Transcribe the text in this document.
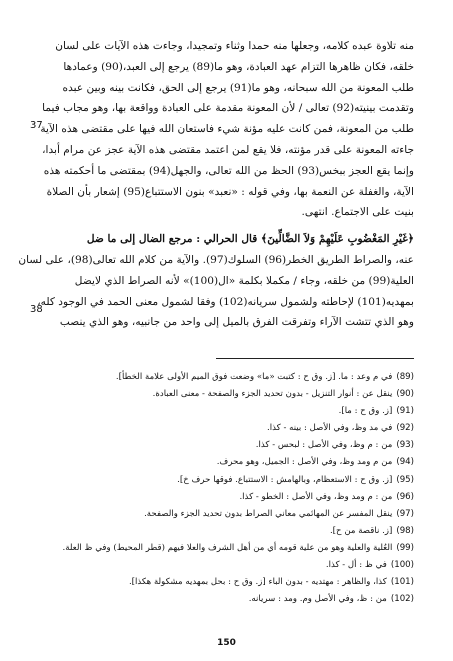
منه تلاوة عبده كلامه، وجعلها منه حمدا وثناء وتمجيدا، وجاءت هذه الآيات على لسان
خلقه، فكان ظاهرها التزام عهد العبادة، وهو ما(89) يرجع إلى العبد،(90) وعمادها
طلب المعونة من الله سبحانه، وهو ما(91) يرجع إلى الحق، فكانت بينه وبين عبده
وتقدمت بينيته(92) تعالى / لأن المعونة مقدمة على العبادة وواقعة بها، وهو مجاب فيما
طلب من المعونة، فمن كانت عليه مؤنة شيء فاستعان الله فيها على مقتضى هذه الآية
جاءته المعونة على قدر مؤنته، فلا يقع لمن اعتمد مقتضى هذه الآية عجز عن مرام أبدا،
وإنما يقع العجز ببخس(93) الحظ من الله تعالى، والجهل(94) بمقتضى ما أحكمته هذه
الآية، والغفلة عن النعمة بها، وفي قوله : «نعبد» بنون الاستتباع(95) إشعار بأن الصلاة
بنيت على الاجتماع. انتهى.

﴿غَيْرِ المَغْضُوبِ عَلَيْهِمْ وَلاَ الضَّالِّينَ﴾ قال الحرالي : مرجع الضال إلى ما ضل
عنه، والصراط الطريق الخطر(96) السلوك(97). والآية من كلام الله تعالى(98)، على لسان
العلية(99) من خلقه، وجاء / مكملا بكلمة «ال(100)» لأنه الصراط الذي لايضل
بمهديه(101) لإحاطته ولشمول سريانه(102) وفقا لشمول معنى الحمد في الوجود كله،
وهو الذي تتشت الآراء وتفرقت الفرق بالميل إلى واحد من جانبيه، وهو الذي ينصب

37
38
(89)في م وعد : ما. [ز. وق ح : كتبت «ما» وضعت فوق الميم الأولى علامة الخطأ].
(90)ينقل عن : أنوار التنزيل - بدون تحديد الجزء والصفحة - معنى العبادة.
(91)[ز. وق ح : ما].
(92)في مد وظ، وفي الأصل : بينه - كذا.
(93)من : م وظ، وفي الأصل : لبحس - كذا.
(94)من م ومد وظ، وفي الأصل : الجميل، وهو محرف.
(95)[ز. وق ح : الاستعظام، وبالهامش : الاستتباع. فوقها حرف خ].
(96)من : م ومد وظ، وفي الأصل : الخطو - كذا.
(97)ينقل المفسر عن المهائمي معاني الصراط بدون تحديد الجزء والصفحة.
(98)[ز. ناقصة من ح].
(99)العُلية والعلية وهو من علية قومه أي من أهل الشرف والعلا فيهم (قطر المحيط) وفي ظ العلة.
(100)في ظ : أل - كذا.
(101)كذا، والظاهر : مهتديه - بدون الباء [ز. وق ح : بحل بمهديه مشكولة هكذا].
(102)من : ظ، وفي الأصل وم. ومد : سريانه.
150
